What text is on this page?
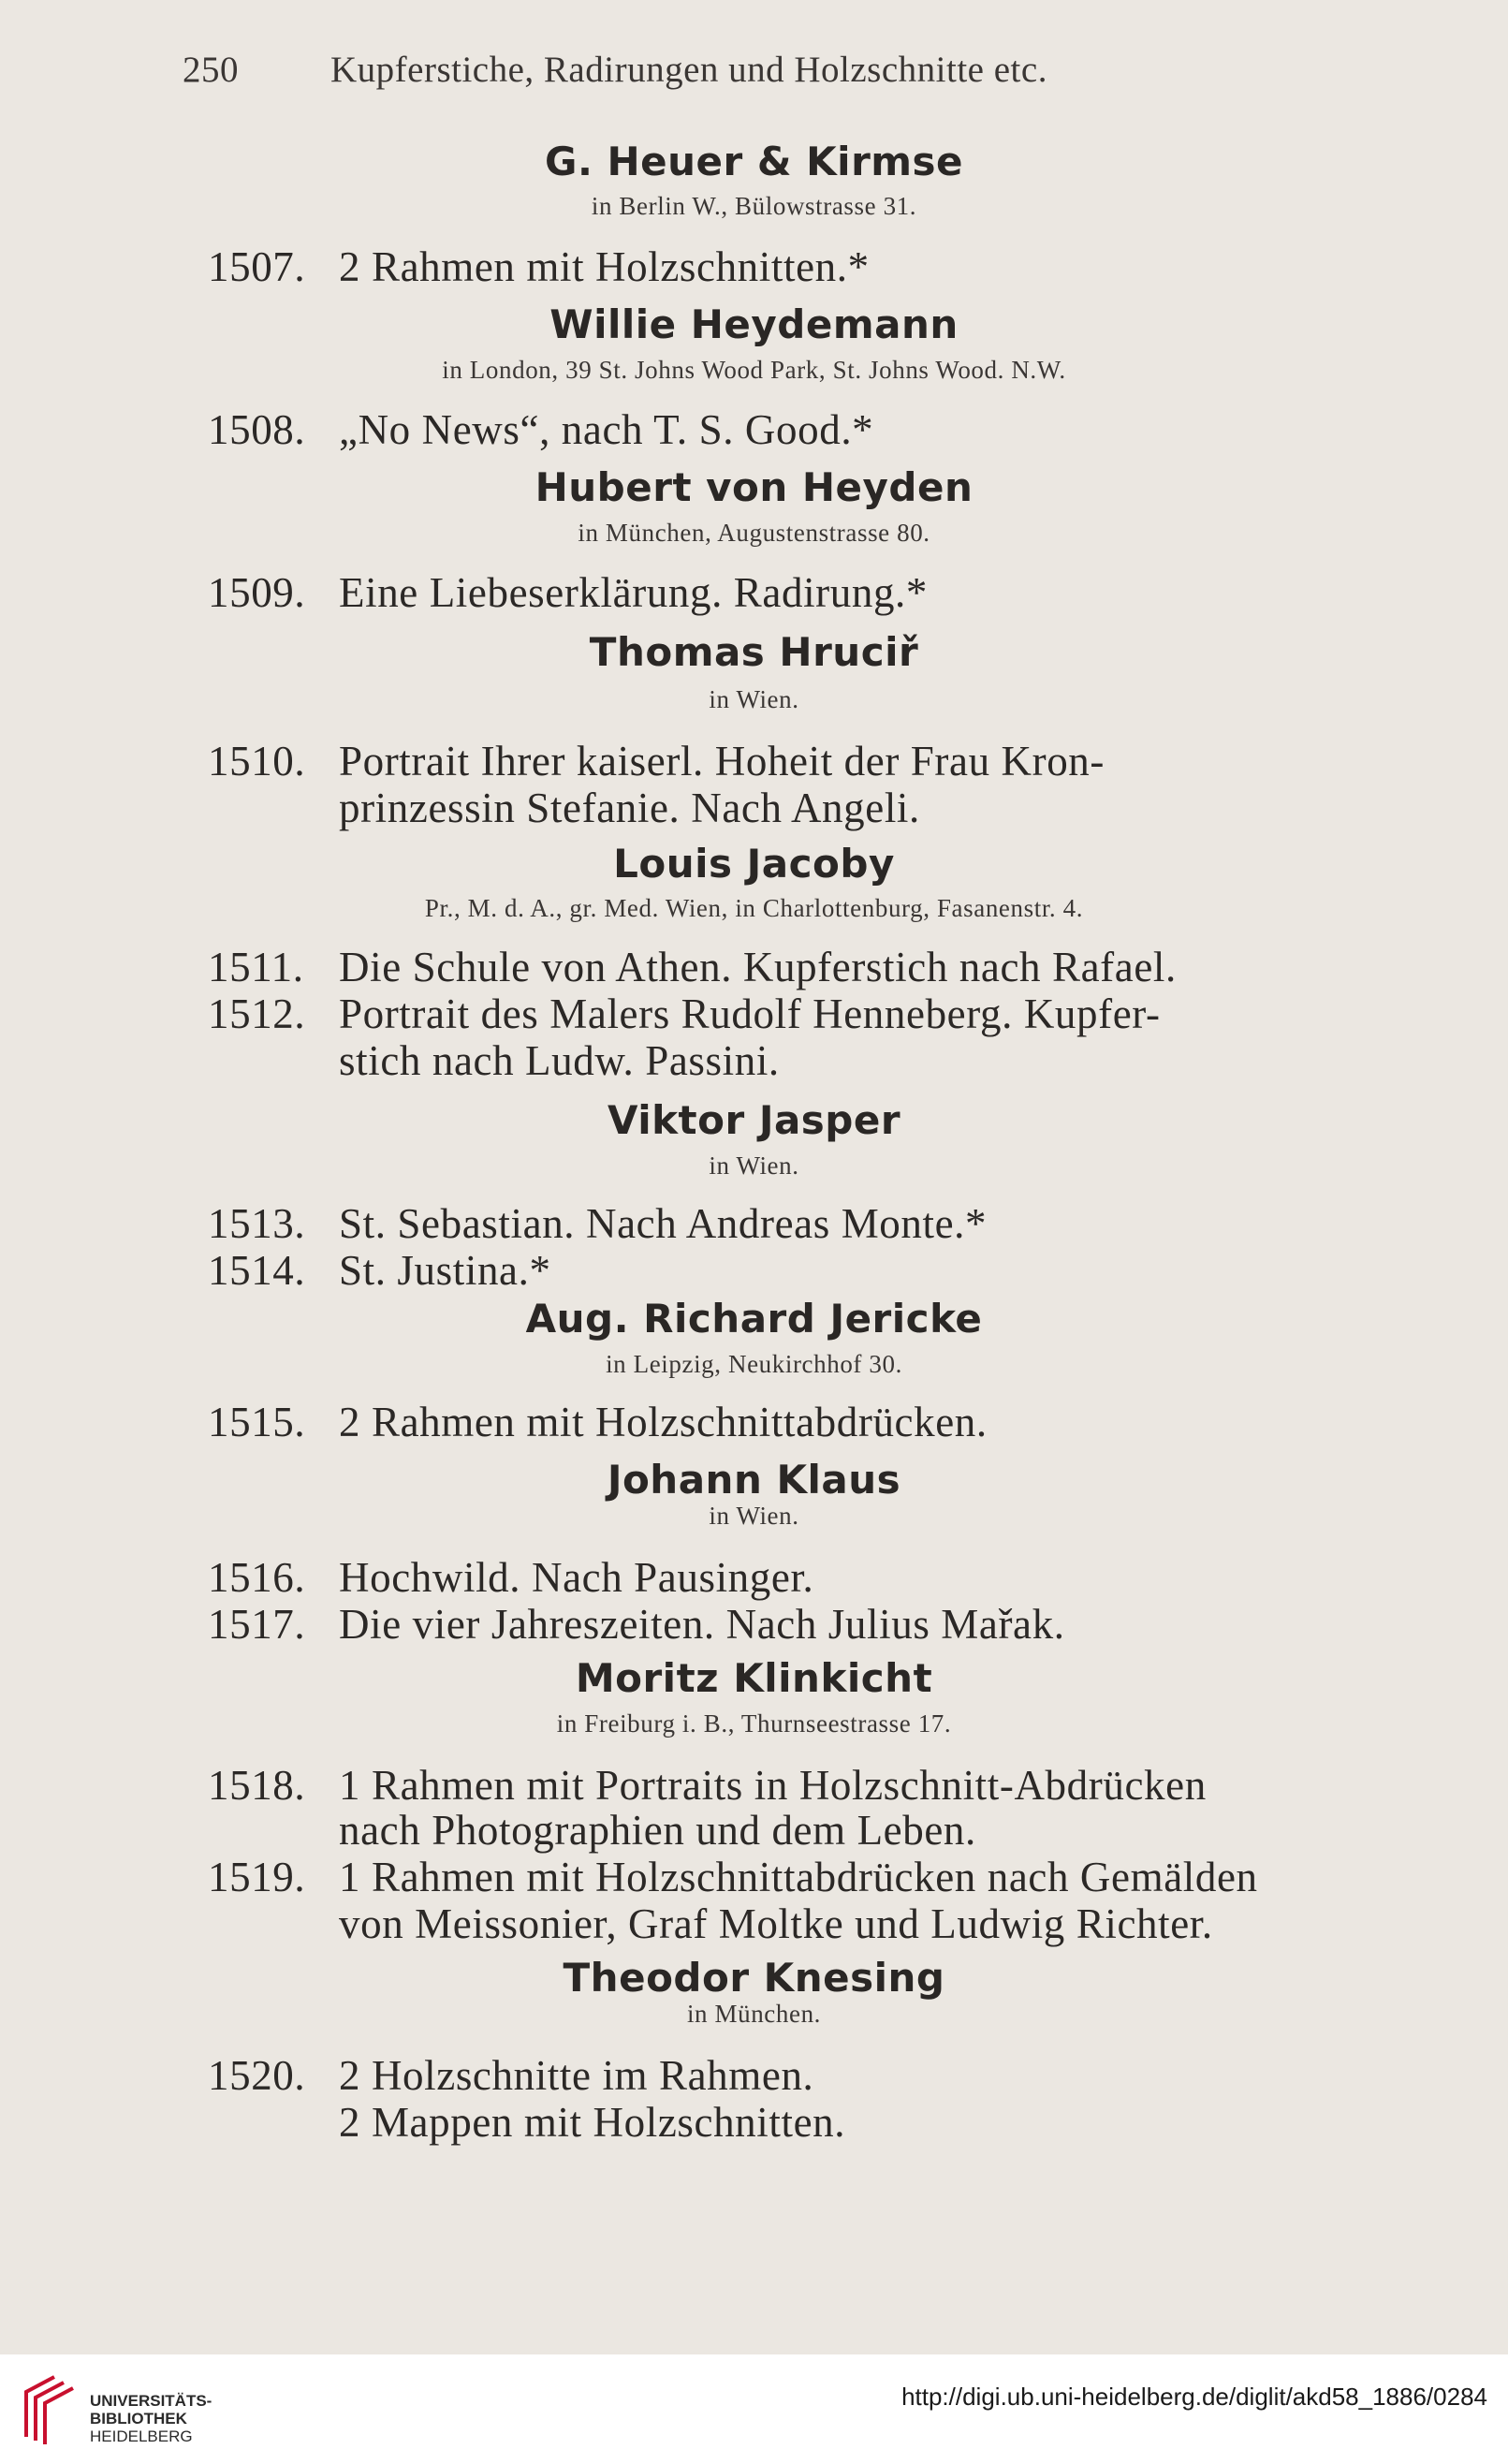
250	Kupferstiche, Radirungen und Holzschnitte etc.
G. Heuer & Kirmse
in Berlin W., Bülowstrasse 31.
1507. 2 Rahmen mit Holzschnitten.*
Willie Heydemann
in London, 39 St. Johns Wood Park, St. Johns Wood. N.W.
1508. „No News“, nach T. S. Good.*
Hubert von Heyden
in München, Augustenstrasse 80.
1509. Eine Liebeserklärung. Radirung.*
Thomas Hruciř
in Wien.
1510. Portrait Ihrer kaiserl. Hoheit der Frau Kron-
prinzessin Stefanie. Nach Angeli.
Louis Jacoby
Pr., M. d. A., gr. Med. Wien, in Charlottenburg, Fasanenstr. 4.
1511. Die Schule von Athen. Kupferstich nach Rafael.
1512. Portrait des Malers Rudolf Henneberg. Kupfer-
stich nach Ludw. Passini.
Viktor Jasper
in Wien.
1513. St. Sebastian. Nach Andreas Monte.*
1514. St. Justina.*
Aug. Richard Jericke
in Leipzig, Neukirchhof 30.
1515. 2 Rahmen mit Holzschnittabdrücken.
Johann Klaus
in Wien.
1516. Hochwild. Nach Pausinger.
1517. Die vier Jahreszeiten. Nach Julius Mařak.
Moritz Klinkicht
in Freiburg i. B., Thurnseestrasse 17.
1518. 1 Rahmen mit Portraits in Holzschnitt-Abdrücken
nach Photographien und dem Leben.
1519. 1 Rahmen mit Holzschnittabdrücken nach Gemälden
von Meissonier, Graf Moltke und Ludwig Richter.
Theodor Knesing
in München.
1520. 2 Holzschnitte im Rahmen.
2 Mappen mit Holzschnitten.
UNIVERSITÄTS-
BIBLIOTHEK
HEIDELBERG
http://digi.ub.uni-heidelberg.de/diglit/akd58_1886/0284
